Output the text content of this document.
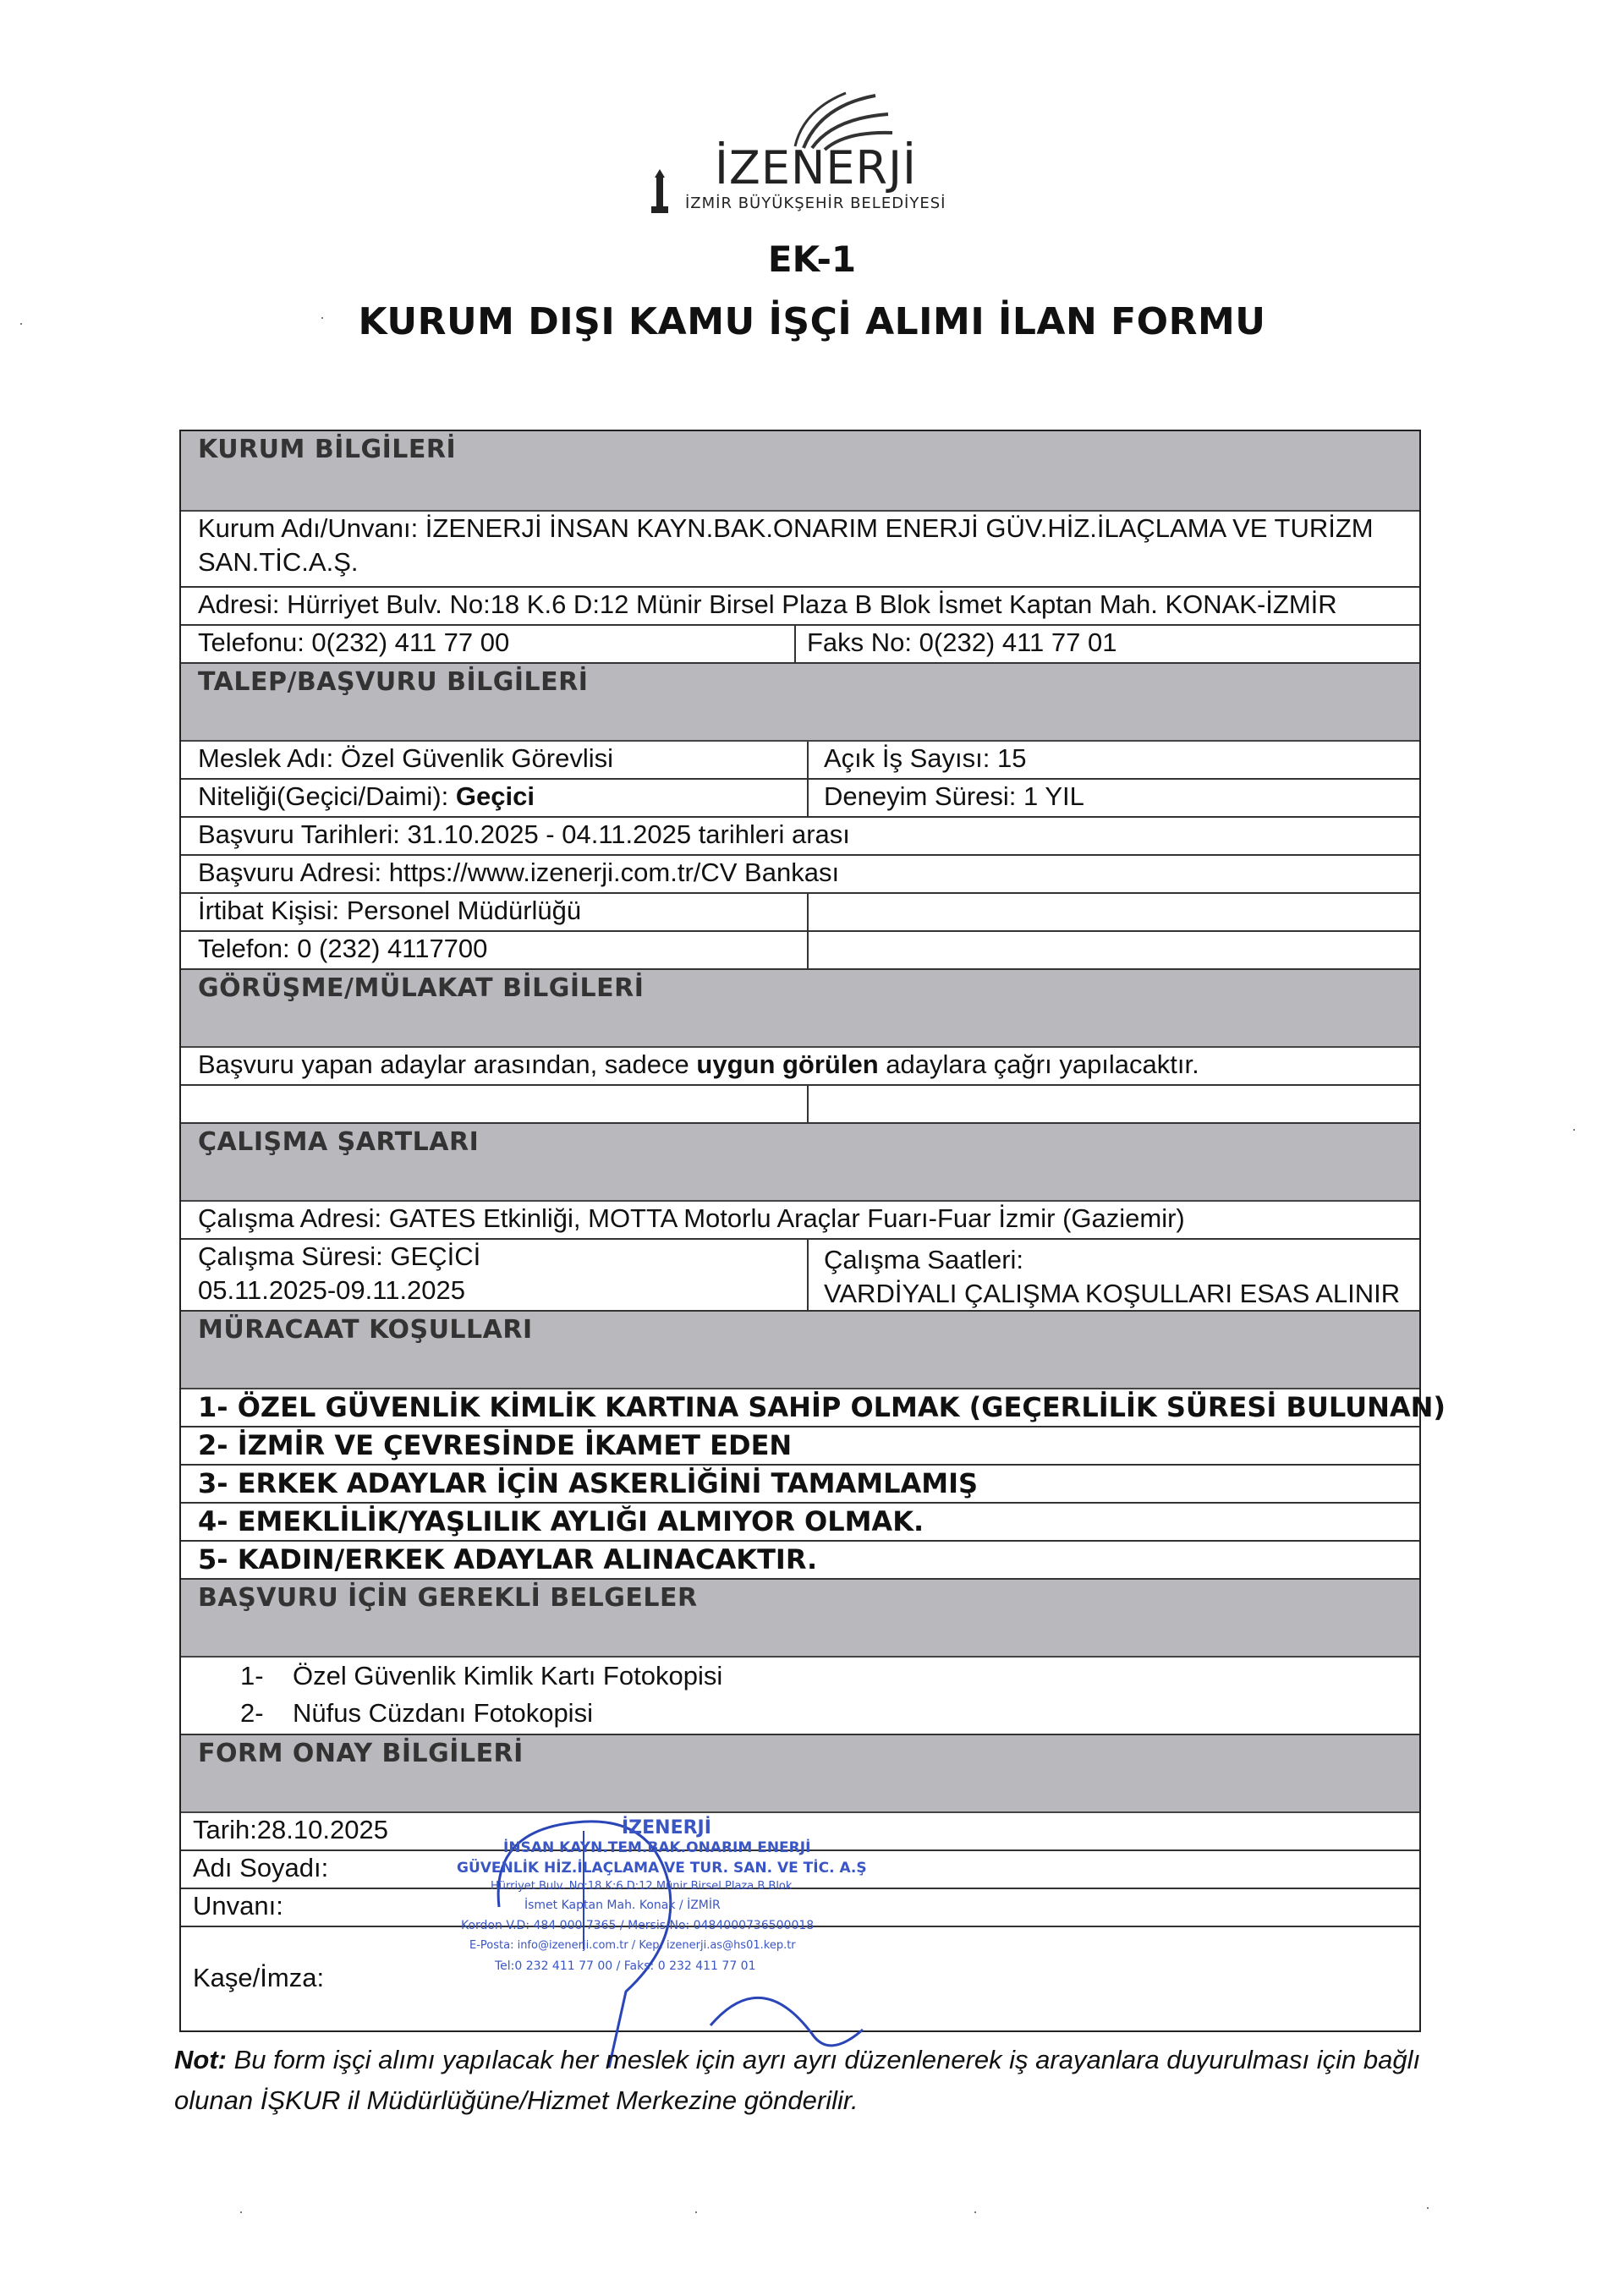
İZENERJİ
İZMİR BÜYÜKŞEHİR BELEDİYESİ
EK-1
KURUM DIŞI KAMU İŞÇİ ALIMI İLAN FORMU
KURUM BİLGİLERİ
Kurum Adı/Unvanı: İZENERJİ İNSAN KAYN.BAK.ONARIM ENERJİ GÜV.HİZ.İLAÇLAMA VE TURİZM
SAN.TİC.A.Ş.
Adresi: Hürriyet Bulv. No:18 K.6 D:12 Münir Birsel Plaza B Blok İsmet Kaptan Mah. KONAK-İZMİR
Telefonu: 0(232) 411 77 00	Faks No: 0(232) 411 77 01
TALEP/BAŞVURU BİLGİLERİ
Meslek Adı: Özel Güvenlik Görevlisi	Açık İş Sayısı: 15
Niteliği(Geçici/Daimi): Geçici	Deneyim Süresi: 1 YIL
Başvuru Tarihleri: 31.10.2025 - 04.11.2025 tarihleri arası
Başvuru Adresi: https://www.izenerji.com.tr/CV Bankası
İrtibat Kişisi: Personel Müdürlüğü
Telefon: 0 (232) 4117700
GÖRÜŞME/MÜLAKAT BİLGİLERİ
Başvuru yapan adaylar arasından, sadece uygun görülen adaylara çağrı yapılacaktır.
ÇALIŞMA ŞARTLARI
Çalışma Adresi: GATES Etkinliği, MOTTA Motorlu Araçlar Fuarı-Fuar İzmir (Gaziemir)
Çalışma Süresi: GEÇİCİ
05.11.2025-09.11.2025
Çalışma Saatleri:
VARDİYALI ÇALIŞMA KOŞULLARI ESAS ALINIR
MÜRACAAT KOŞULLARI
1- ÖZEL GÜVENLİK KİMLİK KARTINA SAHİP OLMAK (GEÇERLİLİK SÜRESİ BULUNAN)
2- İZMİR VE ÇEVRESİNDE İKAMET EDEN
3- ERKEK ADAYLAR İÇİN ASKERLİĞİNİ TAMAMLAMIŞ
4- EMEKLİLİK/YAŞLILIK AYLIĞI ALMIYOR OLMAK.
5- KADIN/ERKEK ADAYLAR ALINACAKTIR.
BAŞVURU İÇİN GEREKLİ BELGELER
1- Özel Güvenlik Kimlik Kartı Fotokopisi
2- Nüfus Cüzdanı Fotokopisi
FORM ONAY BİLGİLERİ
Tarih:28.10.2025
Adı Soyadı:
Unvanı:
Kaşe/İmza:
İZENERJİ
İNSAN KAYN.TEM.BAK.ONARIM ENERJİ
GÜVENLİK HİZ.İLAÇLAMA VE TUR. SAN. VE TİC. A.Ş
Hürriyet Bulv. No:18 K:6 D:12 Münir Birsel Plaza B Blok
İsmet Kaptan Mah. Konak / İZMİR
Kordon V.D: 484 000 7365 / Mersis No: 0484000736500018
E-Posta: info@izenerji.com.tr / Kep: izenerji.as@hs01.kep.tr
Tel:0 232 411 77 00 / Faks: 0 232 411 77 01
Not: Bu form işçi alımı yapılacak her meslek için ayrı ayrı düzenlenerek iş arayanlara duyurulması için bağlı olunan İŞKUR il Müdürlüğüne/Hizmet Merkezine gönderilir.
·	·
·
·	·	·	·
